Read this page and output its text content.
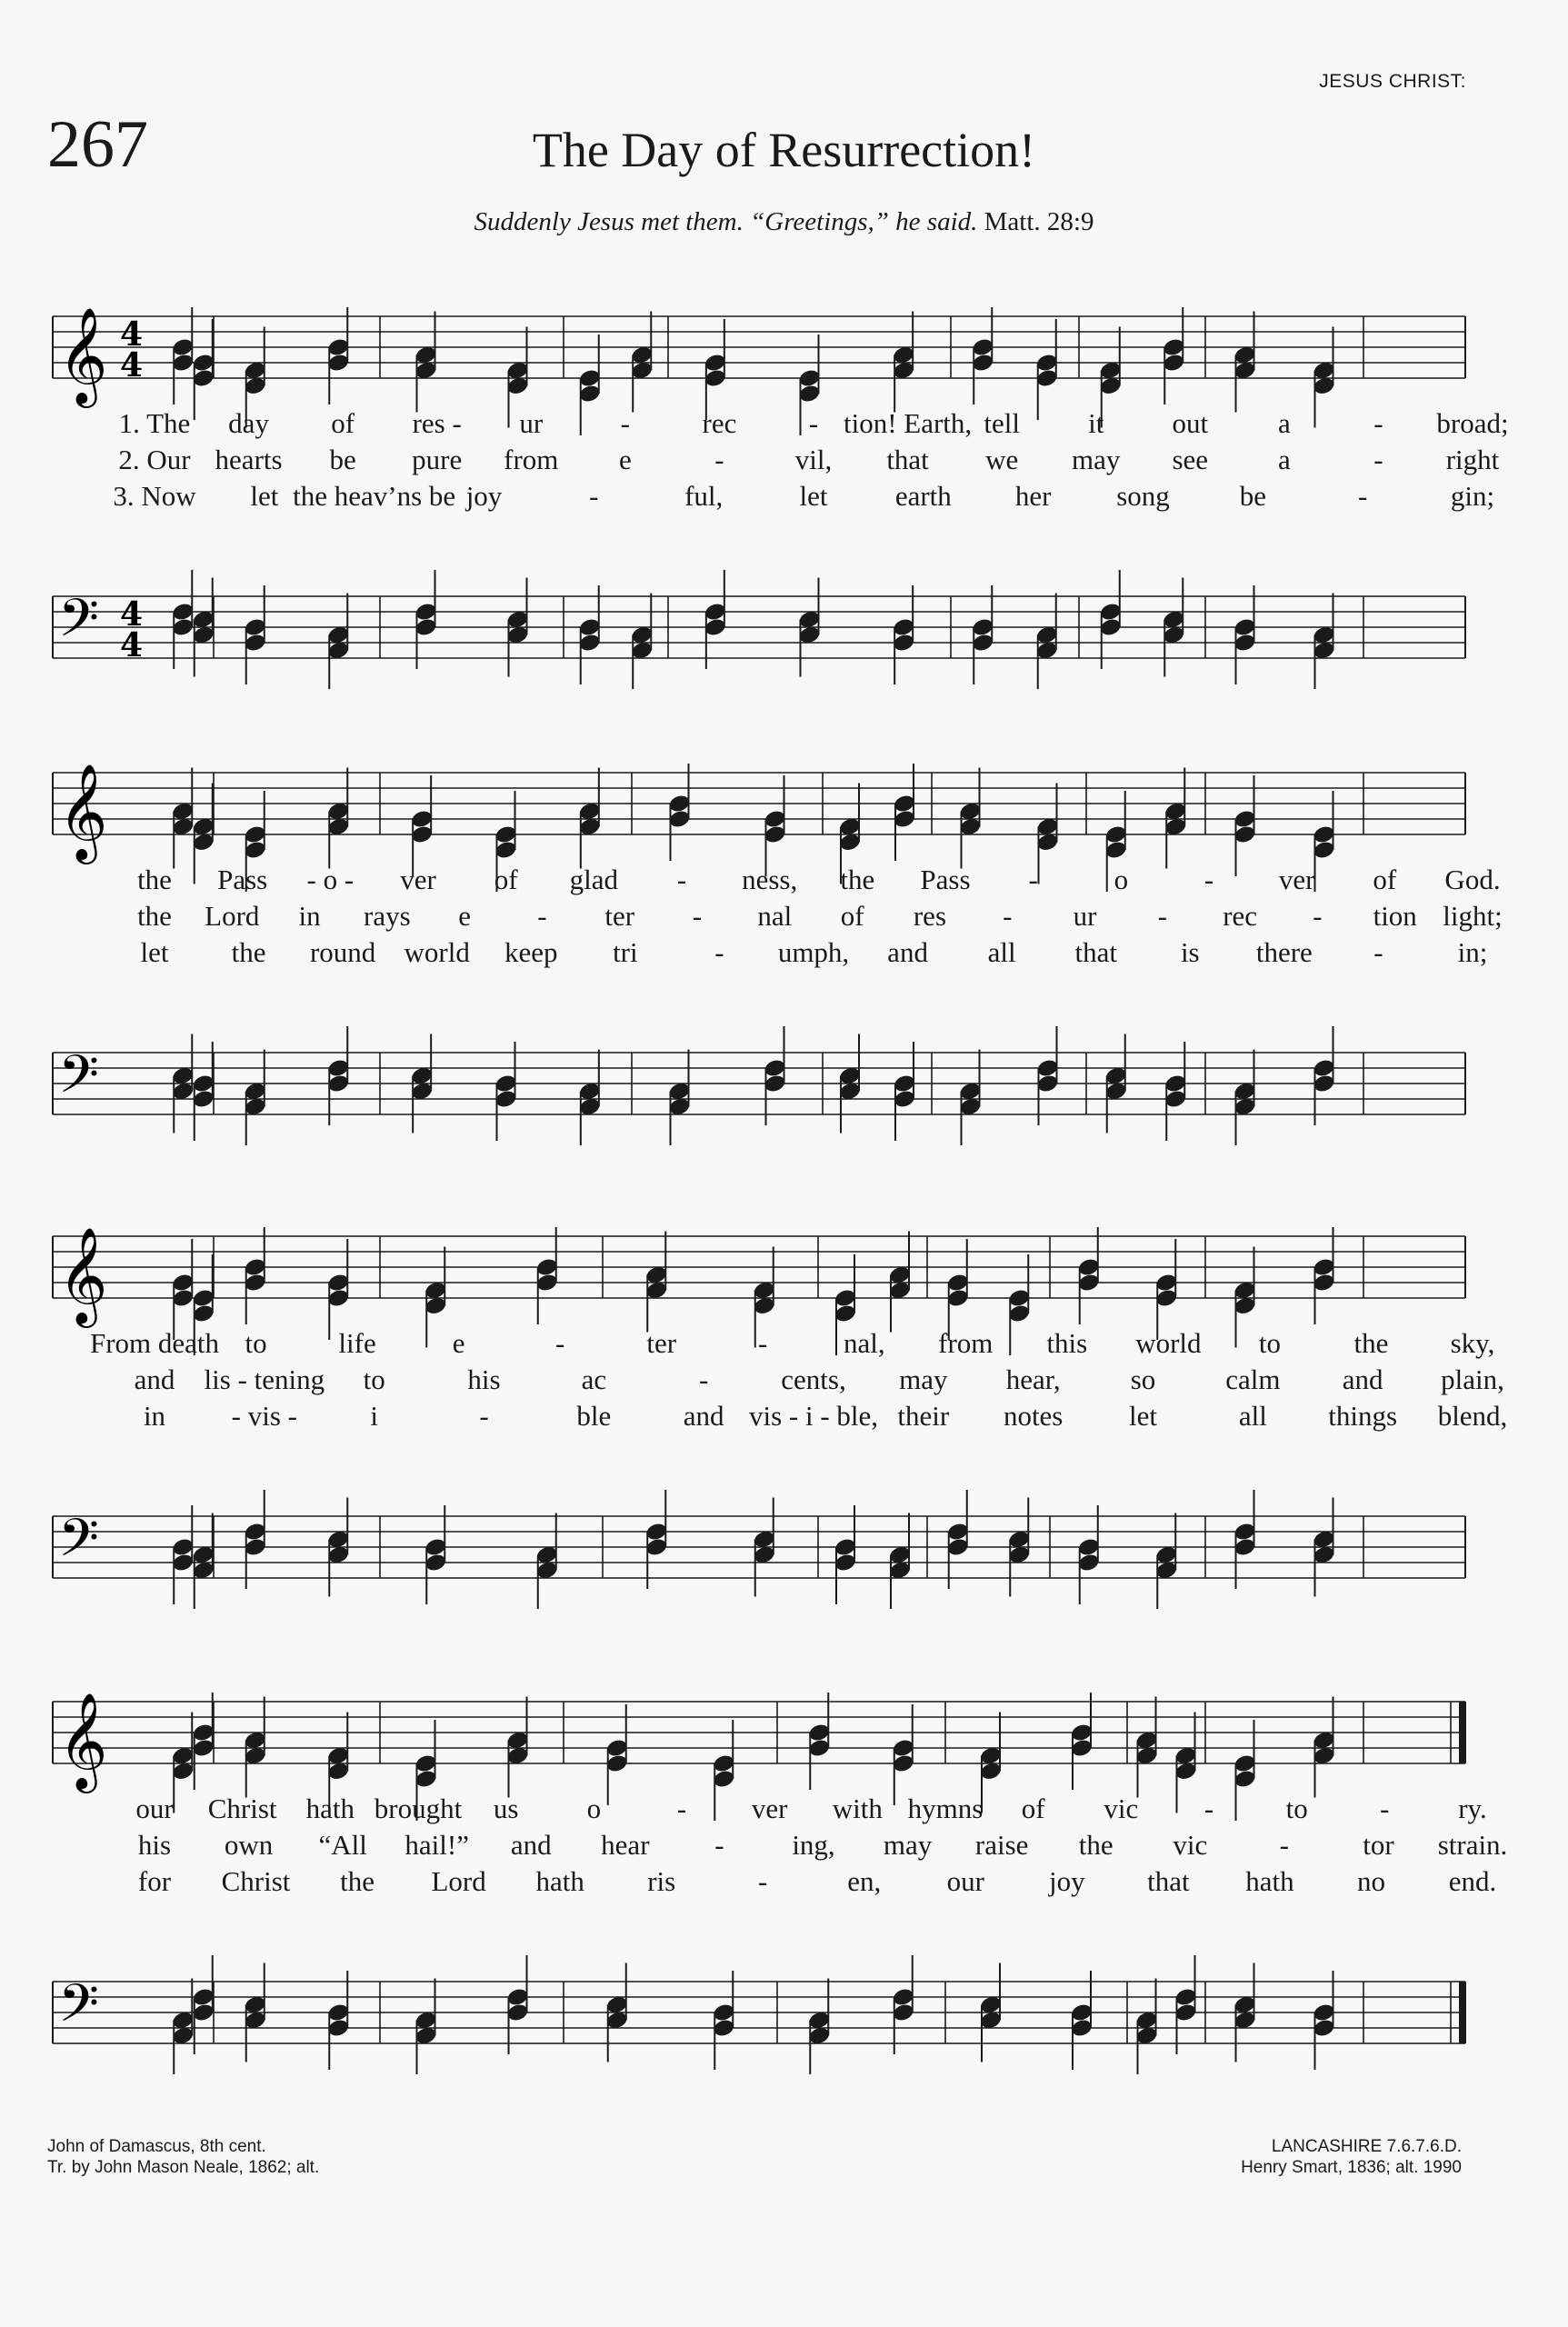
JESUS CHRIST:
267	The Day of Resurrection!
Suddenly Jesus met them. “Greetings,” he said. Matt. 28:9
𝄞
𝄢
4
4
4
4
1. The day of res - ur	-	rec	- tion! Earth, tell it out a	- broad;
2. Our hearts be pure from e	-	vil, that we may see a	- right
3. Now let the heav’ns be joy	-	ful,	let earth her song be	-	gin;
𝄞
𝄢
the Pass - o - ver of glad - ness, the Pass -	o	- ver of God.
the Lord in rays e - ter - nal of res - ur - rec - tion light;
let the round world keep tri	- umph, and all that is there -	in;
𝄞
𝄢
From death to	life	e	-	ter	-	nal, from this world to	the sky,
and lis - tening to	his	ac	-	cents, may hear, so calm and plain,
in - vis -	i	-	ble	and vis - i - ble, their notes let	all things blend,
𝄞
𝄢
our Christ hath brought us o	- ver with hymns of vic -	to	- ry.
his own “All hail!” and hear - ing, may raise the vic	-	tor strain.
for Christ the Lord hath ris	-	en, our joy that hath no end.
John of Damascus, 8th cent.
Tr. by John Mason Neale, 1862; alt.
LANCASHIRE 7.6.7.6.D.
Henry Smart, 1836; alt. 1990
